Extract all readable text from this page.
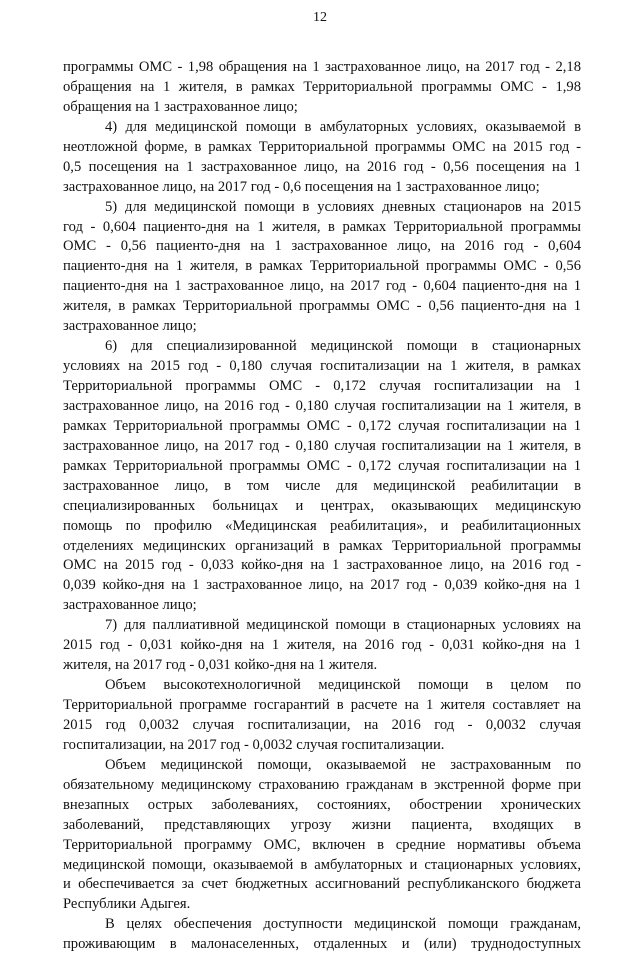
12
программы ОМС - 1,98 обращения на 1 застрахованное лицо, на 2017 год - 2,18
обращения на 1 жителя, в рамках Территориальной программы ОМС - 1,98
обращения на 1 застрахованное лицо;
4) для медицинской помощи в амбулаторных условиях, оказываемой в
неотложной форме, в рамках Территориальной программы ОМС на 2015 год -
0,5 посещения на 1 застрахованное лицо, на 2016 год - 0,56 посещения на 1
застрахованное лицо, на 2017 год - 0,6 посещения на 1 застрахованное лицо;
5) для медицинской помощи в условиях дневных стационаров на 2015
год - 0,604 пациенто-дня на 1 жителя, в рамках Территориальной программы
ОМС - 0,56 пациенто-дня на 1 застрахованное лицо, на 2016 год - 0,604
пациенто-дня на 1 жителя, в рамках Территориальной программы ОМС - 0,56
пациенто-дня на 1 застрахованное лицо, на 2017 год - 0,604 пациенто-дня на 1
жителя, в рамках Территориальной программы ОМС - 0,56 пациенто-дня на 1
застрахованное лицо;
6) для специализированной медицинской помощи в стационарных
условиях на 2015 год - 0,180 случая госпитализации на 1 жителя, в рамках
Территориальной программы ОМС - 0,172 случая госпитализации на 1
застрахованное лицо, на 2016 год - 0,180 случая госпитализации на 1 жителя, в
рамках Территориальной программы ОМС - 0,172 случая госпитализации на 1
застрахованное лицо, на 2017 год - 0,180 случая госпитализации на 1 жителя, в
рамках Территориальной программы ОМС - 0,172 случая госпитализации на 1
застрахованное лицо, в том числе для медицинской реабилитации в
специализированных больницах и центрах, оказывающих медицинскую
помощь по профилю «Медицинская реабилитация», и реабилитационных
отделениях медицинских организаций в рамках Территориальной программы
ОМС на 2015 год - 0,033 койко-дня на 1 застрахованное лицо, на 2016 год -
0,039 койко-дня на 1 застрахованное лицо, на 2017 год - 0,039 койко-дня на 1
застрахованное лицо;
7) для паллиативной медицинской помощи в стационарных условиях на
2015 год - 0,031 койко-дня на 1 жителя, на 2016 год - 0,031 койко-дня на 1
жителя, на 2017 год - 0,031 койко-дня на 1 жителя.
Объем высокотехнологичной медицинской помощи в целом по
Территориальной программе госгарантий в расчете на 1 жителя составляет на
2015 год 0,0032 случая госпитализации, на 2016 год - 0,0032 случая
госпитализации, на 2017 год - 0,0032 случая госпитализации.
Объем медицинской помощи, оказываемой не застрахованным по
обязательному медицинскому страхованию гражданам в экстренной форме при
внезапных острых заболеваниях, состояниях, обострении хронических
заболеваний, представляющих угрозу жизни пациента, входящих в
Территориальной программу ОМС, включен в средние нормативы объема
медицинской помощи, оказываемой в амбулаторных и стационарных условиях,
и обеспечивается за счет бюджетных ассигнований республиканского бюджета
Республики Адыгея.
В целях обеспечения доступности медицинской помощи гражданам,
проживающим в малонаселенных, отдаленных и (или) труднодоступных
